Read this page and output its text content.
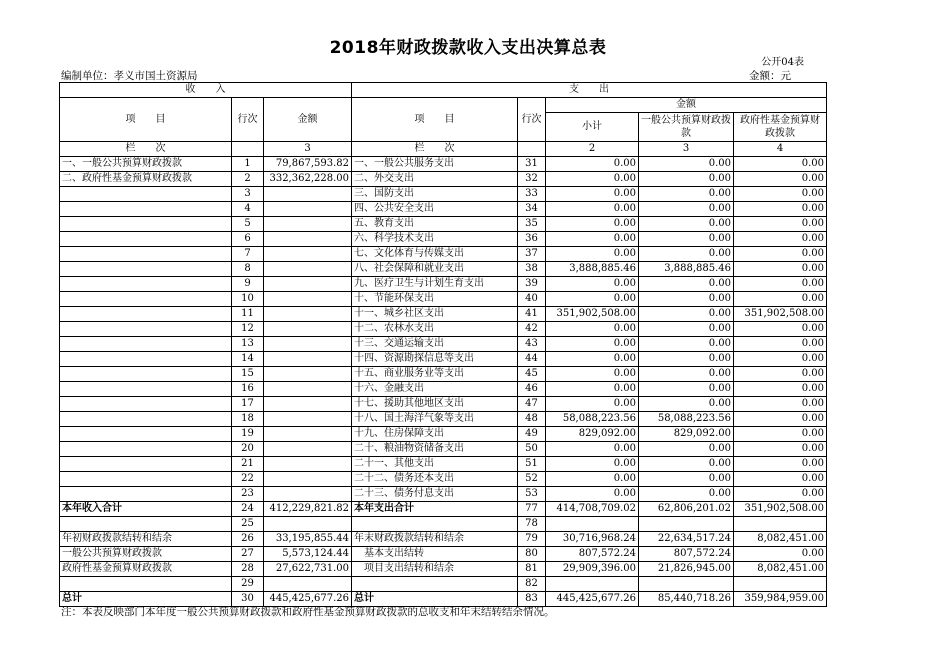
2018年财政拨款收入支出决算总表
公开04表
编制单位：孝义市国土资源局	金额：元
收　　入			支　　出				
项　　目	行次	金额	项　　目	行次	金额		
					小计	一般公共预算财政拨款	政府性基金预算财政拨款

栏　　次		3	栏　　次		2	3	4
一、一般公共预算财政拨款	1	79,867,593.82	一、一般公共服务支出	31	0.00	0.00	0.00
二、政府性基金预算财政拨款	2	332,362,228.00	二、外交支出	32	0.00	0.00	0.00
	3		三、国防支出	33	0.00	0.00	0.00
	4		四、公共安全支出	34	0.00	0.00	0.00
	5		五、教育支出	35	0.00	0.00	0.00
	6		六、科学技术支出	36	0.00	0.00	0.00
	7		七、文化体育与传媒支出	37	0.00	0.00	0.00
	8		八、社会保障和就业支出	38	3,888,885.46	3,888,885.46	0.00
	9		九、医疗卫生与计划生育支出	39	0.00	0.00	0.00
	10		十、节能环保支出	40	0.00	0.00	0.00
	11		十一、城乡社区支出	41	351,902,508.00	0.00	351,902,508.00
	12		十二、农林水支出	42	0.00	0.00	0.00
	13		十三、交通运输支出	43	0.00	0.00	0.00
	14		十四、资源勘探信息等支出	44	0.00	0.00	0.00
	15		十五、商业服务业等支出	45	0.00	0.00	0.00
	16		十六、金融支出	46	0.00	0.00	0.00
	17		十七、援助其他地区支出	47	0.00	0.00	0.00
	18		十八、国土海洋气象等支出	48	58,088,223.56	58,088,223.56	0.00
	19		十九、住房保障支出	49	829,092.00	829,092.00	0.00
	20		二十、粮油物资储备支出	50	0.00	0.00	0.00
	21		二十一、其他支出	51	0.00	0.00	0.00
	22		二十二、债务还本支出	52	0.00	0.00	0.00
	23		二十三、债务付息支出	53	0.00	0.00	0.00
本年收入合计	24	412,229,821.82	本年支出合计	77	414,708,709.02	62,806,201.02	351,902,508.00
	25			78			
年初财政拨款结转和结余	26	33,195,855.44	年末财政拨款结转和结余	79	30,716,968.24	22,634,517.24	8,082,451.00
一般公共预算财政拨款	27	5,573,124.44	　基本支出结转	80	807,572.24	807,572.24	0.00
政府性基金预算财政拨款	28	27,622,731.00	　项目支出结转和结余	81	29,909,396.00	21,826,945.00	8,082,451.00
	29			82			
总计	30	445,425,677.26	总计	83	445,425,677.26	85,440,718.26	359,984,959.00
注：本表反映部门本年度一般公共预算财政拨款和政府性基金预算财政拨款的总收支和年末结转结余情况。
